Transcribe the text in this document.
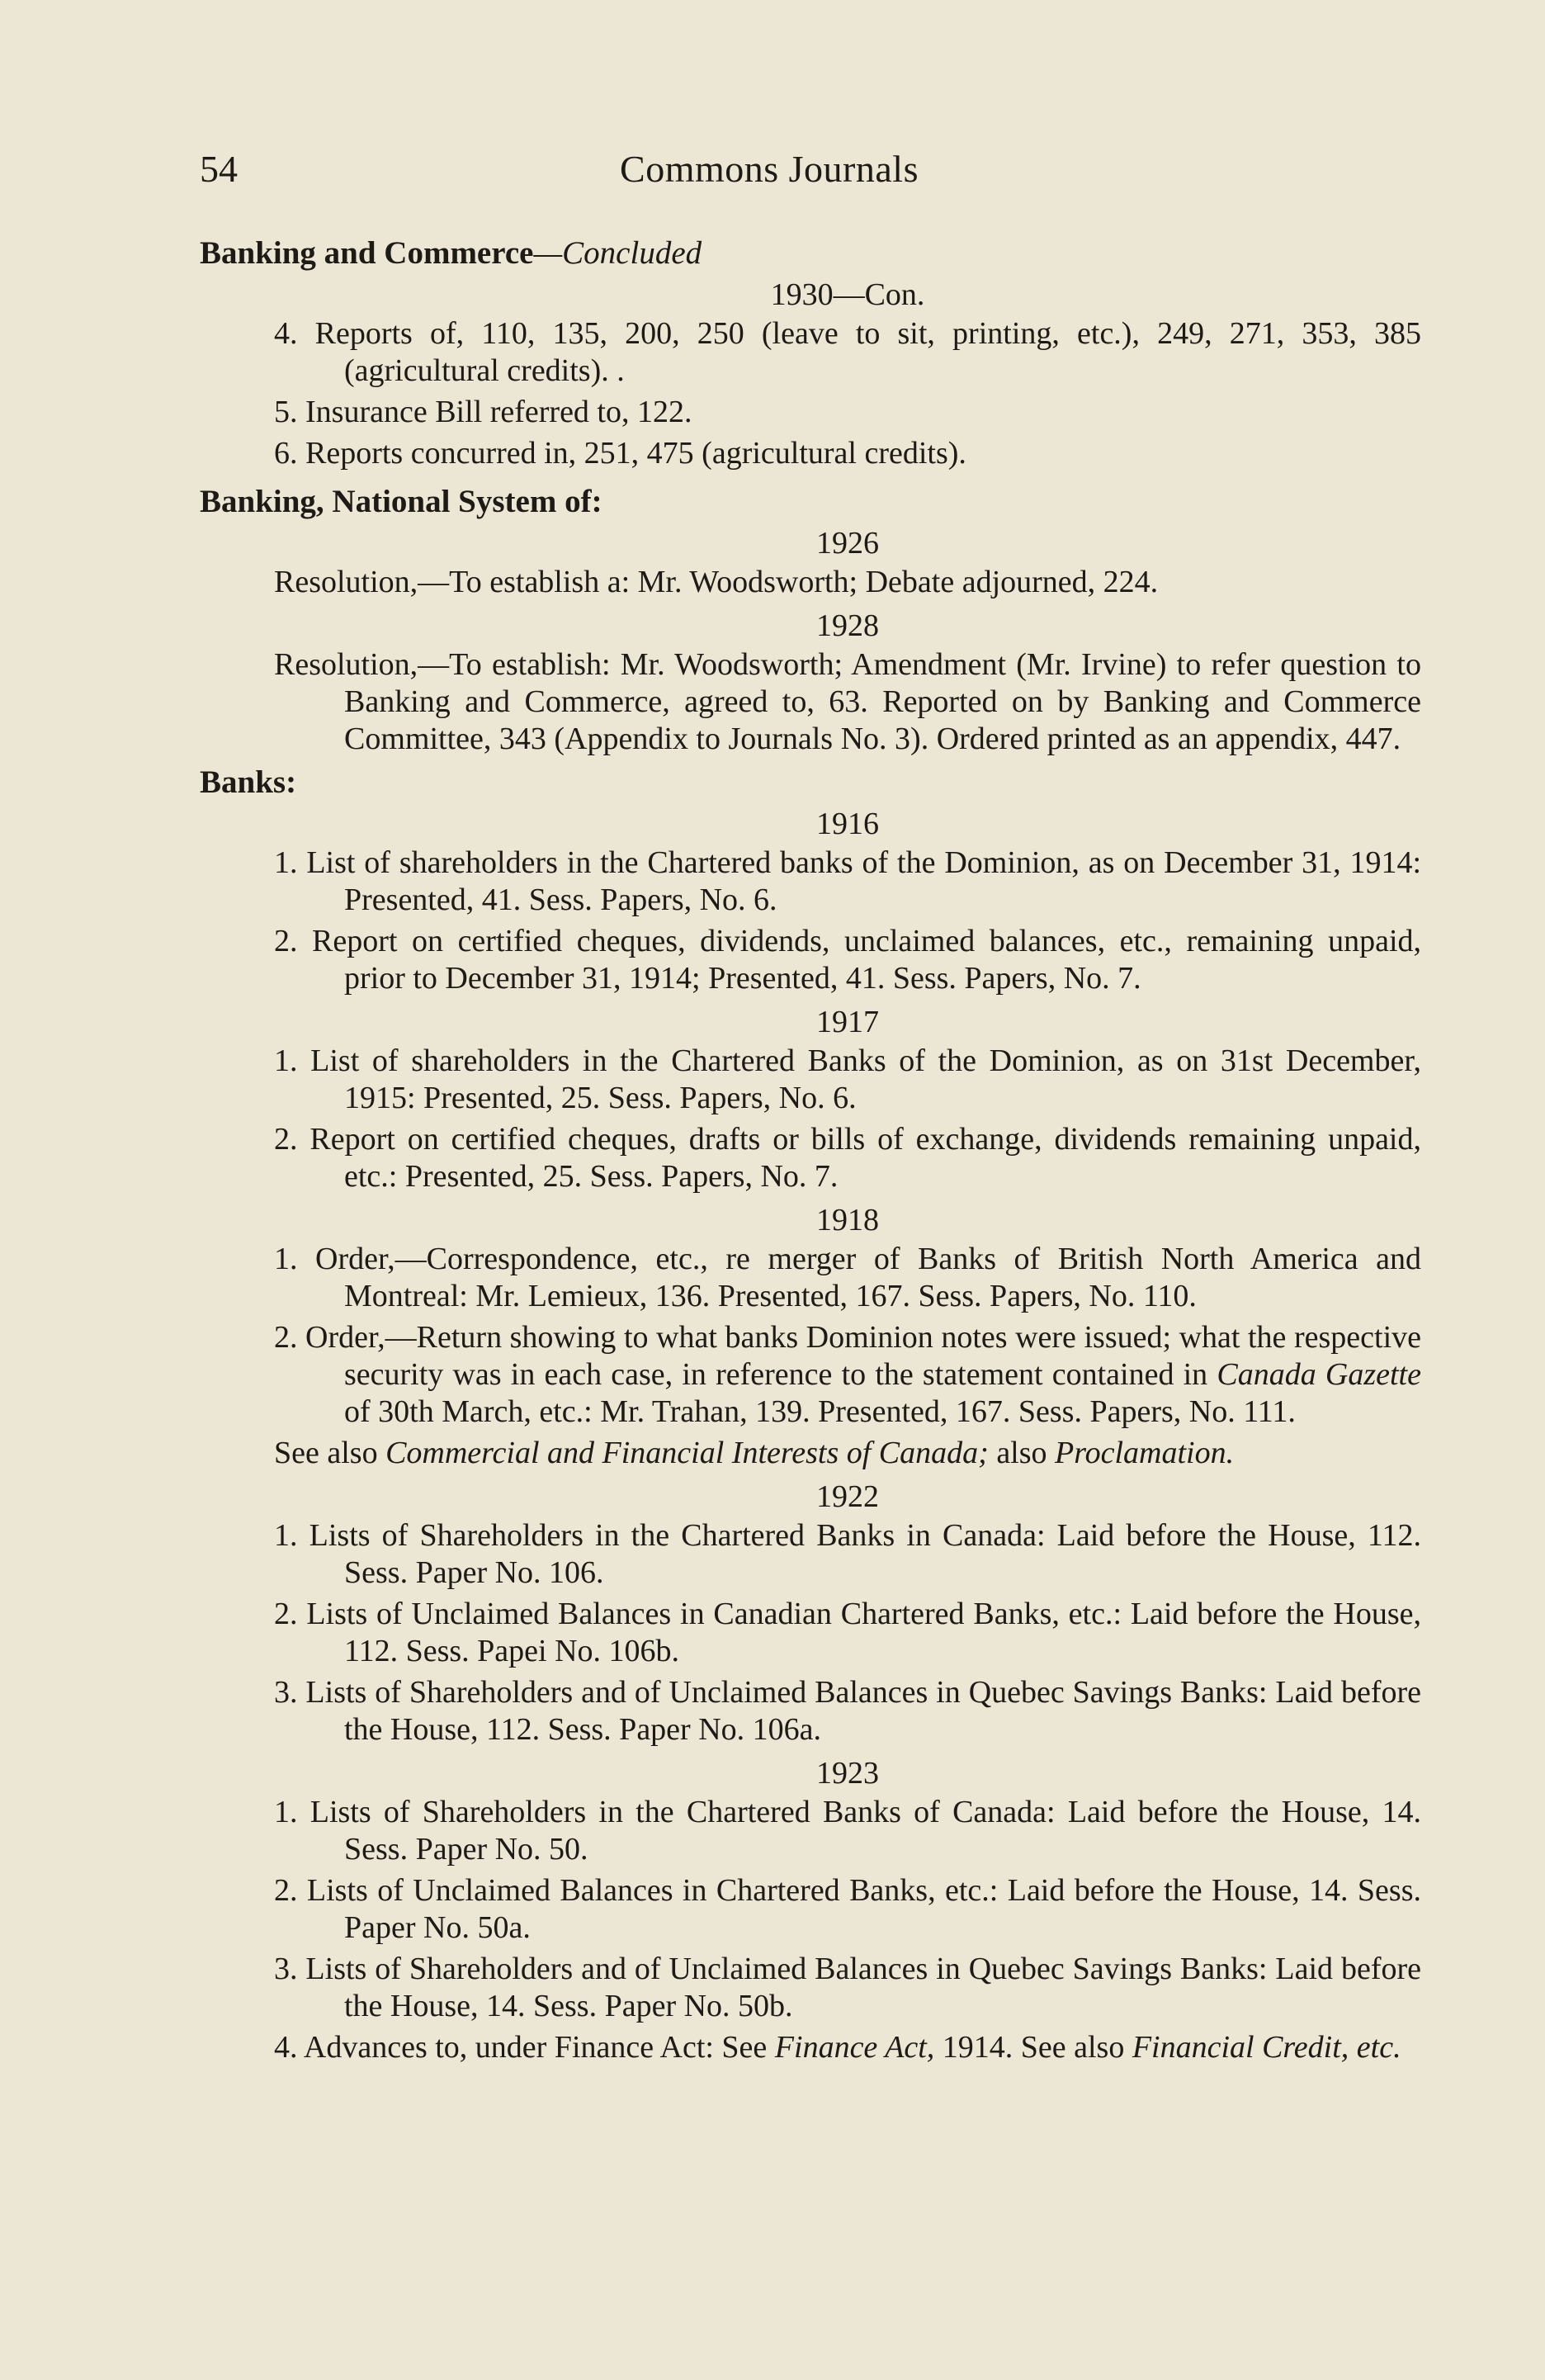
54	Commons Journals
Banking and Commerce—Concluded
1930—Con.
4. Reports of, 110, 135, 200, 250 (leave to sit, printing, etc.), 249, 271, 353, 385 (agricultural credits). .
5. Insurance Bill referred to, 122.
6. Reports concurred in, 251, 475 (agricultural credits).
Banking, National System of:
1926
Resolution,—To establish a: Mr. Woodsworth; Debate adjourned, 224.
1928
Resolution,—To establish: Mr. Woodsworth; Amendment (Mr. Irvine) to refer question to Banking and Commerce, agreed to, 63. Reported on by Banking and Commerce Committee, 343 (Appendix to Journals No. 3). Ordered printed as an appendix, 447.
Banks:
1916
1. List of shareholders in the Chartered banks of the Dominion, as on December 31, 1914: Presented, 41. Sess. Papers, No. 6.
2. Report on certified cheques, dividends, unclaimed balances, etc., remaining unpaid, prior to December 31, 1914; Presented, 41. Sess. Papers, No. 7.
1917
1. List of shareholders in the Chartered Banks of the Dominion, as on 31st December, 1915: Presented, 25. Sess. Papers, No. 6.
2. Report on certified cheques, drafts or bills of exchange, dividends remaining unpaid, etc.: Presented, 25. Sess. Papers, No. 7.
1918
1. Order,—Correspondence, etc., re merger of Banks of British North America and Montreal: Mr. Lemieux, 136. Presented, 167. Sess. Papers, No. 110.
2. Order,—Return showing to what banks Dominion notes were issued; what the respective security was in each case, in reference to the statement contained in Canada Gazette of 30th March, etc.: Mr. Trahan, 139. Presented, 167. Sess. Papers, No. 111.
See also Commercial and Financial Interests of Canada; also Proclamation.
1922
1. Lists of Shareholders in the Chartered Banks in Canada: Laid before the House, 112. Sess. Paper No. 106.
2. Lists of Unclaimed Balances in Canadian Chartered Banks, etc.: Laid before the House, 112. Sess. Papei No. 106b.
3. Lists of Shareholders and of Unclaimed Balances in Quebec Savings Banks: Laid before the House, 112. Sess. Paper No. 106a.
1923
1. Lists of Shareholders in the Chartered Banks of Canada: Laid before the House, 14. Sess. Paper No. 50.
2. Lists of Unclaimed Balances in Chartered Banks, etc.: Laid before the House, 14. Sess. Paper No. 50a.
3. Lists of Shareholders and of Unclaimed Balances in Quebec Savings Banks: Laid before the House, 14. Sess. Paper No. 50b.
4. Advances to, under Finance Act: See Finance Act, 1914. See also Financial Credit, etc.
